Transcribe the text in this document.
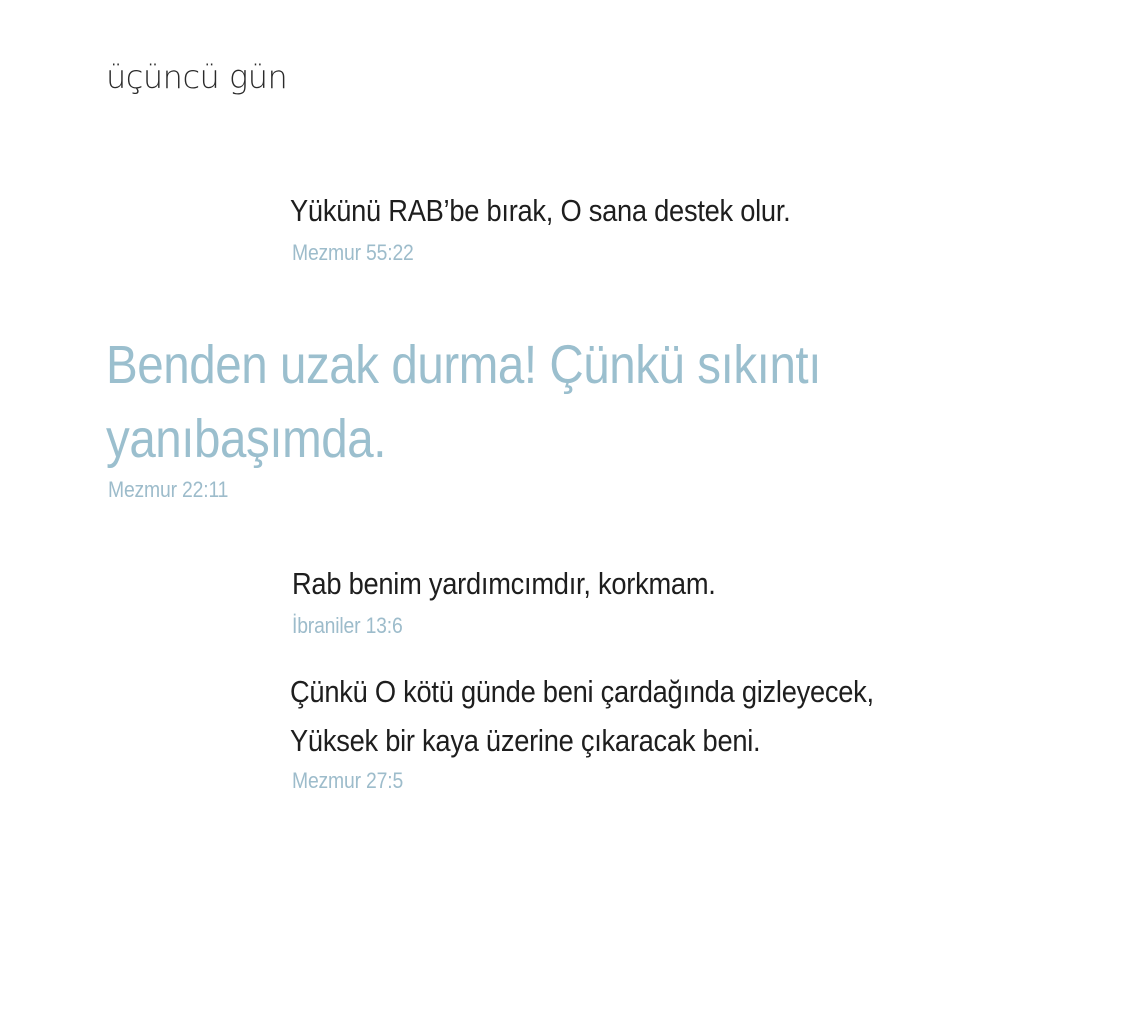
üçüncü gün
Yükünü RAB’be bırak, O sana destek olur.
Mezmur 55:22
Benden uzak durma! Çünkü sıkıntı
yanıbaşımda.
Mezmur 22:11
Rab benim yardımcımdır, korkmam.
İbraniler 13:6
Çünkü O kötü günde beni çardağında gizleyecek,
Yüksek bir kaya üzerine çıkaracak beni.
Mezmur 27:5
